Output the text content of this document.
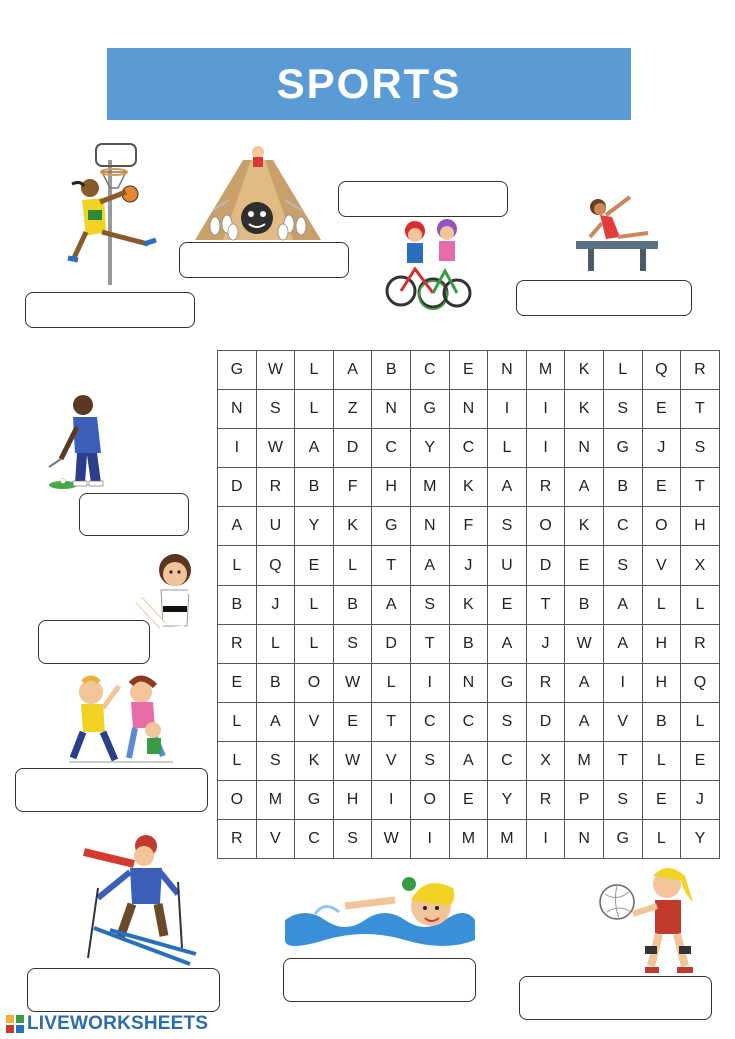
SPORTS
G	W	L	A	B	C	E	N	M	K	L	Q	R
N	S	L	Z	N	G	N	I	I	K	S	E	T
I	W	A	D	C	Y	C	L	I	N	G	J	S
D	R	B	F	H	M	K	A	R	A	B	E	T
A	U	Y	K	G	N	F	S	O	K	C	O	H
L	Q	E	L	T	A	J	U	D	E	S	V	X
B	J	L	B	A	S	K	E	T	B	A	L	L
R	L	L	S	D	T	B	A	J	W	A	H	R
E	B	O	W	L	I	N	G	R	A	I	H	Q
L	A	V	E	T	C	C	S	D	A	V	B	L
L	S	K	W	V	S	A	C	X	M	T	L	E
O	M	G	H	I	O	E	Y	R	P	S	E	J
R	V	C	S	W	I	M	M	I	N	G	L	Y
LIVEWORKSHEETS
